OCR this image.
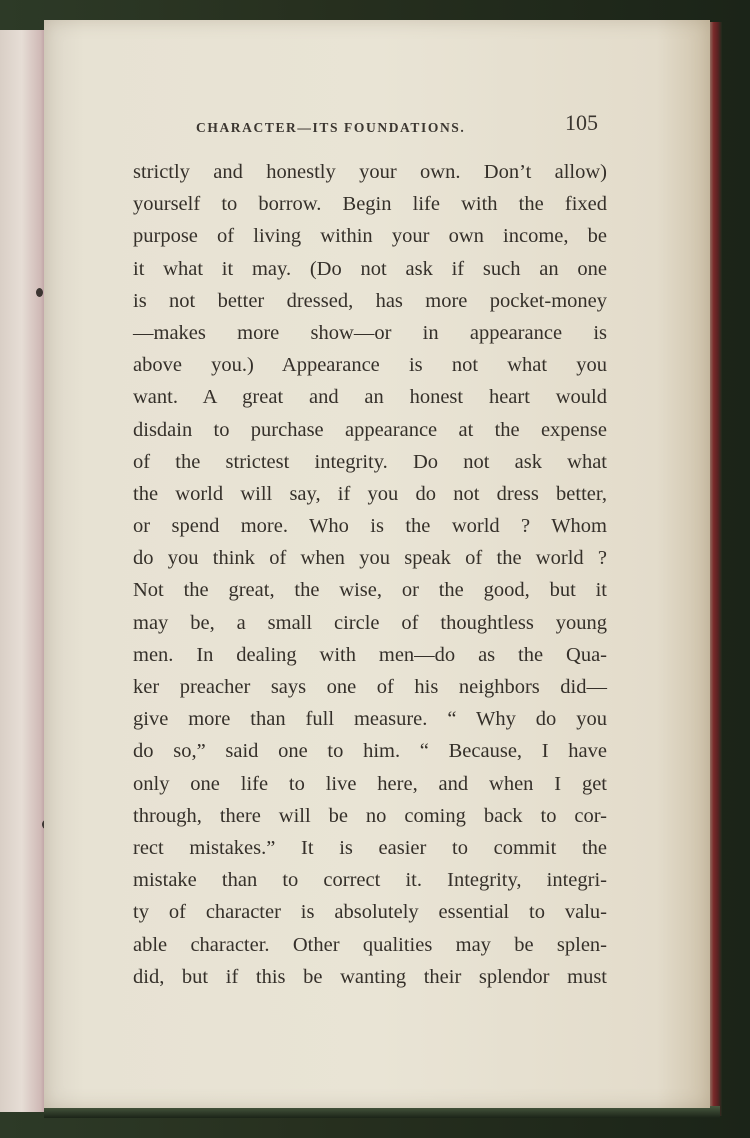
CHARACTER—ITS FOUNDATIONS.	105
strictly and honestly your own. Don’t allow)
yourself to borrow. Begin life with the fixed
purpose of living within your own income, be
it what it may. (Do not ask if such an one
is not better dressed, has more pocket-money
—makes more show—or in appearance is
above you.) Appearance is not what you
want. A great and an honest heart would
disdain to purchase appearance at the expense
of the strictest integrity. Do not ask what
the world will say, if you do not dress better,
or spend more. Who is the world ? Whom
do you think of when you speak of the world ?
Not the great, the wise, or the good, but it
may be, a small circle of thoughtless young
men. In dealing with men—do as the Qua-
ker preacher says one of his neighbors did—
give more than full measure. “ Why do you
do so,” said one to him. “ Because, I have
only one life to live here, and when I get
through, there will be no coming back to cor-
rect mistakes.” It is easier to commit the
mistake than to correct it. Integrity, integri-
ty of character is absolutely essential to valu-
able character. Other qualities may be splen-
did, but if this be wanting their splendor must
